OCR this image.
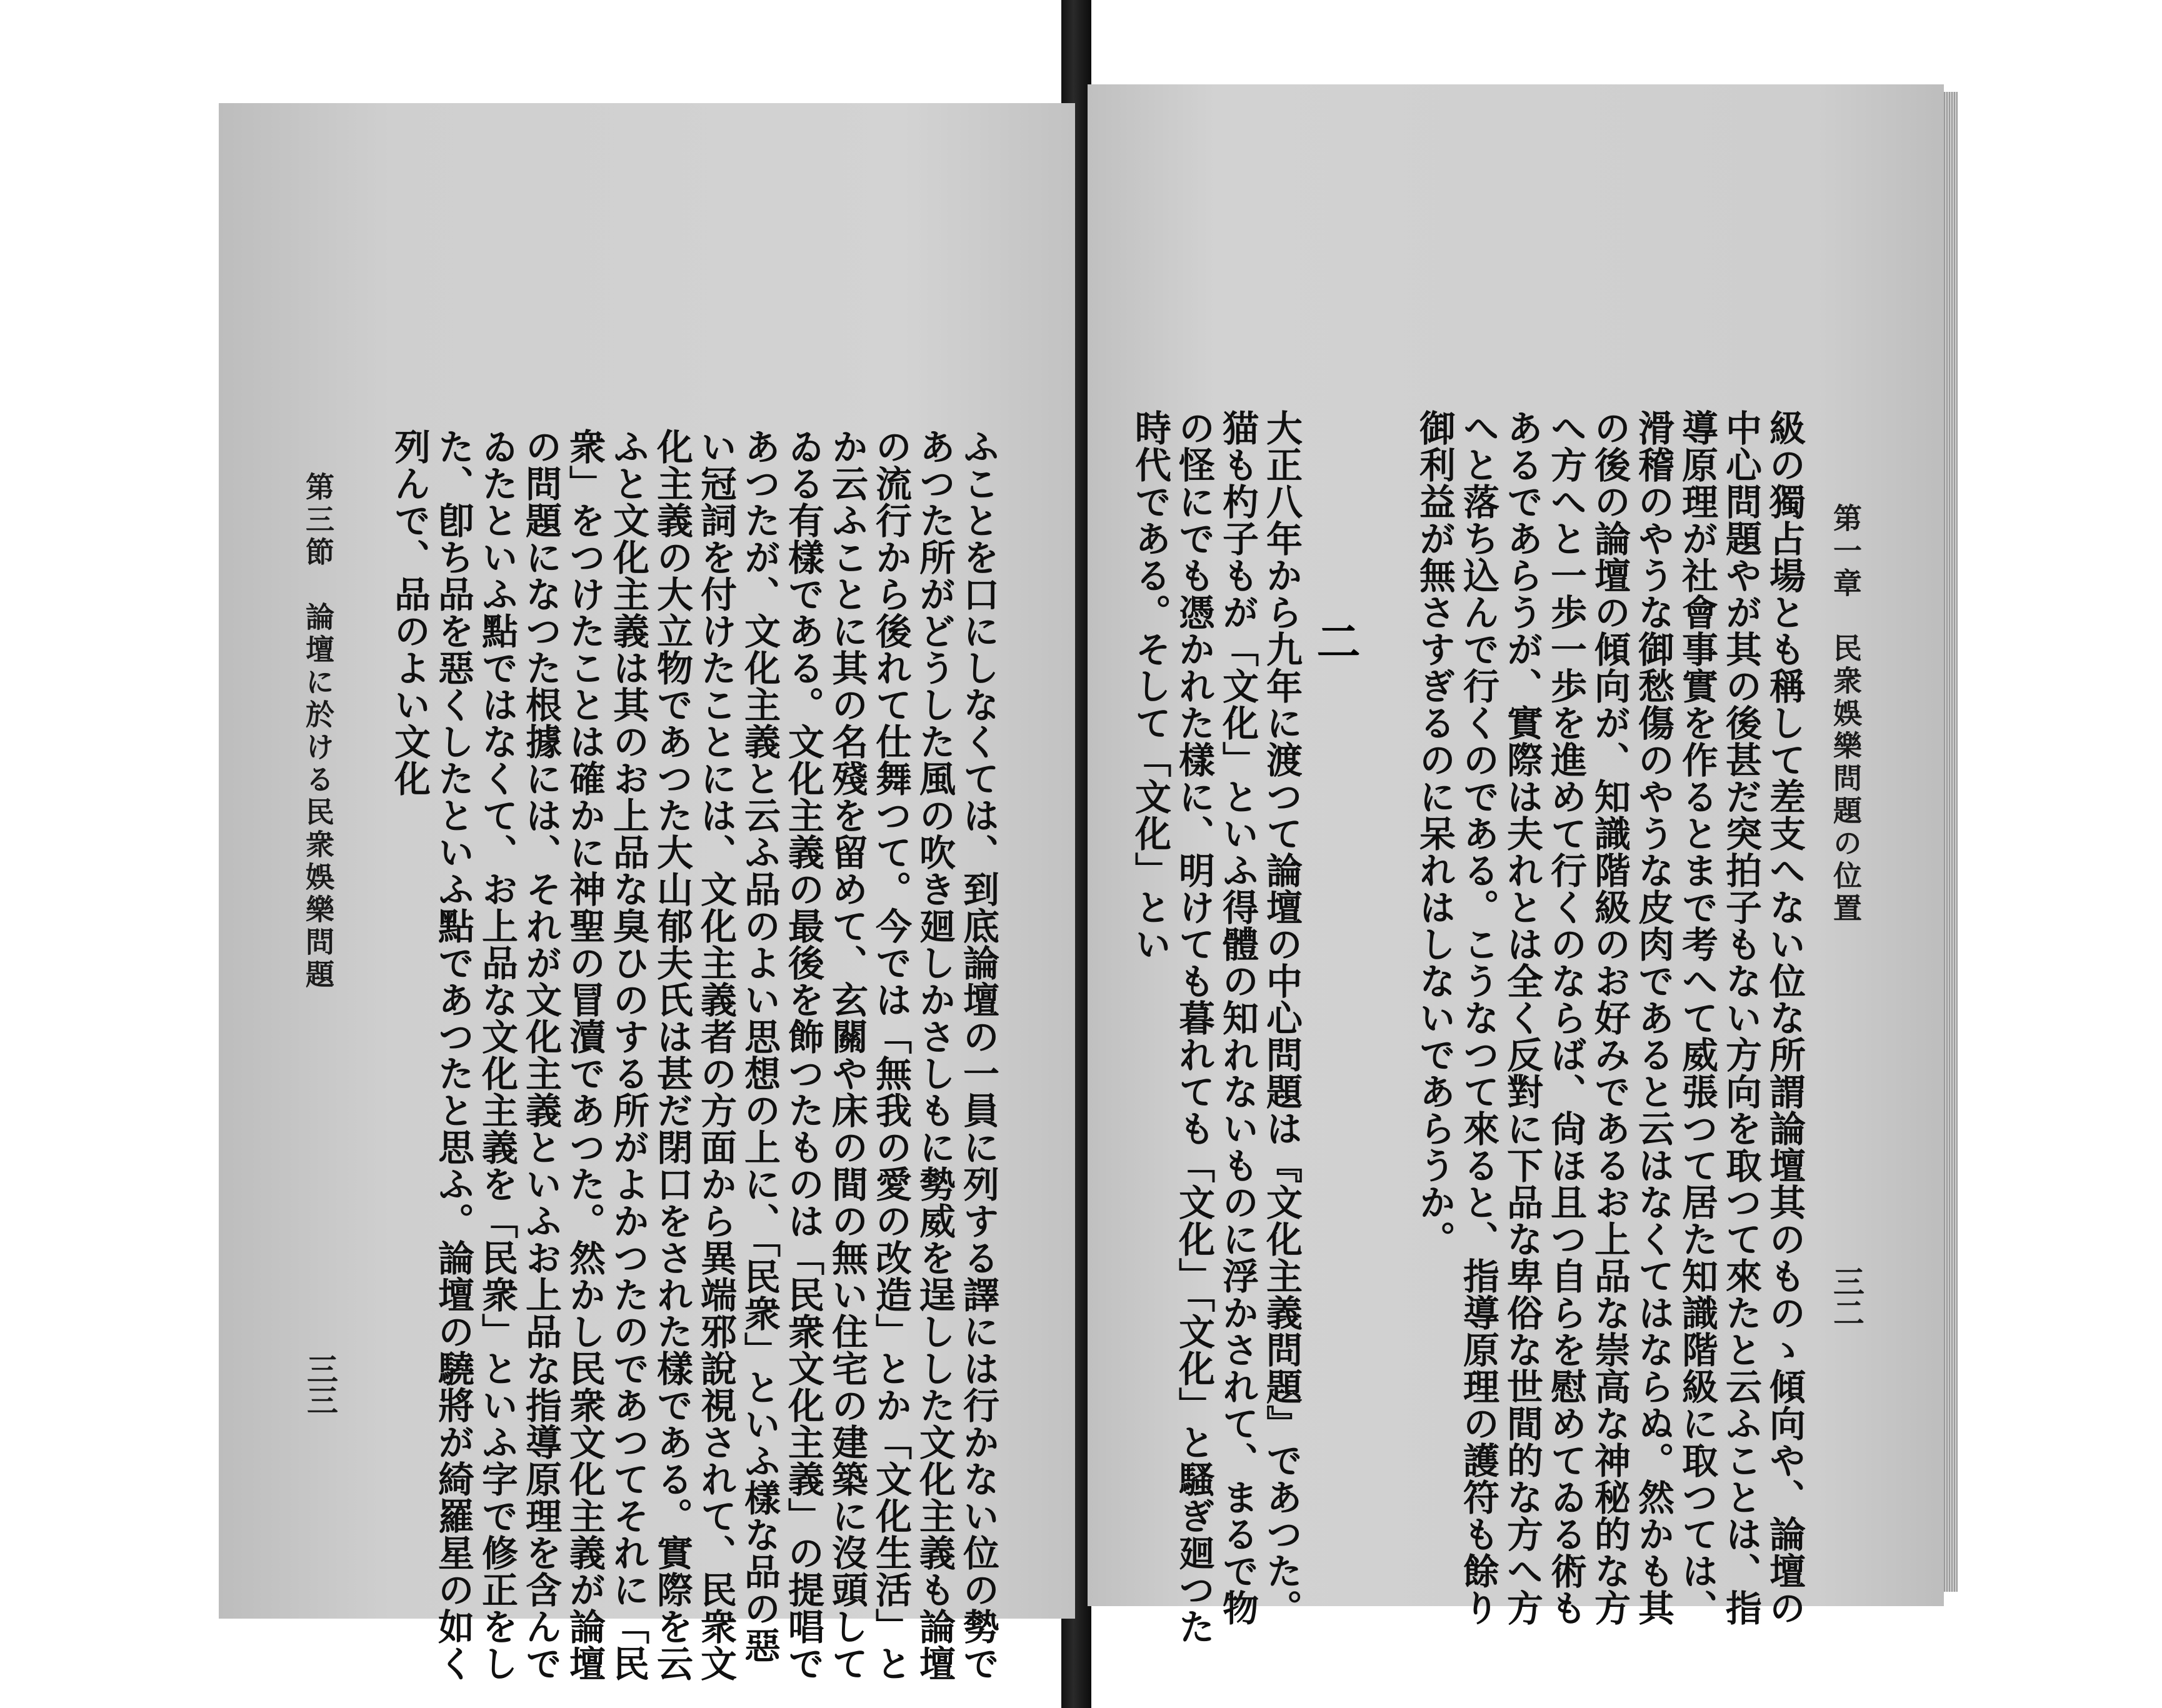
第三節　論壇に於ける民衆娛樂問題
三三	ふことを口にしなくては、到底論壇の一員に列する譯には行かない位の勢であつた所がどうした風の吹き廻しかさしもに勢威を逞しした文化主義も論壇の流行から後れて仕舞つて。今では「無我の愛の改造」とか「文化生活」とか云ふことに其の名殘を留めて、玄關や床の間の無い住宅の建築に沒頭してゐる有樣である。文化主義の最後を飾つたものは「民衆文化主義」の提唱であつたが、文化主義と云ふ品のよい思想の上に、「民衆」といふ樣な品の惡い冠詞を付けたことには、文化主義者の方面から異端邪說視されて、民衆文化主義の大立物であつた大山郁夫氏は甚だ閉口をされた樣である。實際を云ふと文化主義は其のお上品な臭ひのする所がよかつたのであつてそれに「民衆」をつけたことは確かに神聖の冒瀆であつた。然かし民衆文化主義が論壇の問題になつた根據には、それが文化主義といふお上品な指導原理を含んでゐたといふ點ではなくて、お上品な文化主義を「民衆」といふ字で修正をした、卽ち品を惡くしたといふ點であつたと思ふ。論壇の驍將が綺羅星の如く列んで、品のよい文化	第一章　民衆娛樂問題の位置
三二

級の獨占場とも稱して差支へない位な所謂論壇其のものゝ傾向や、論壇の中心問題やが其の後甚だ突拍子もない方向を取つて來たと云ふことは、指導原理が社會事實を作るとまで考へて威張つて居た知識階級に取つては、滑稽のやうな御愁傷のやうな皮肉であると云はなくてはならぬ。然かも其の後の論壇の傾向が、知識階級のお好みであるお上品な崇高な神秘的な方へ方へと一歩一歩を進めて行くのならば、尙ほ且つ自らを慰めてゐる術もあるであらうが、實際は夫れとは全く反對に下品な卑俗な世間的な方へ方へと落ち込んで行くのである。こうなつて來ると、指導原理の護符も餘り御利益が無さすぎるのに呆れはしないであらうか。

二

大正八年から九年に渡つて論壇の中心問題は『文化主義問題』であつた。猫も杓子もが「文化」といふ得體の知れないものに浮かされて、まるで物の怪にでも憑かれた樣に、明けても暮れても「文化」「文化」と騷ぎ廻つた時代である。そして「文化」とい
